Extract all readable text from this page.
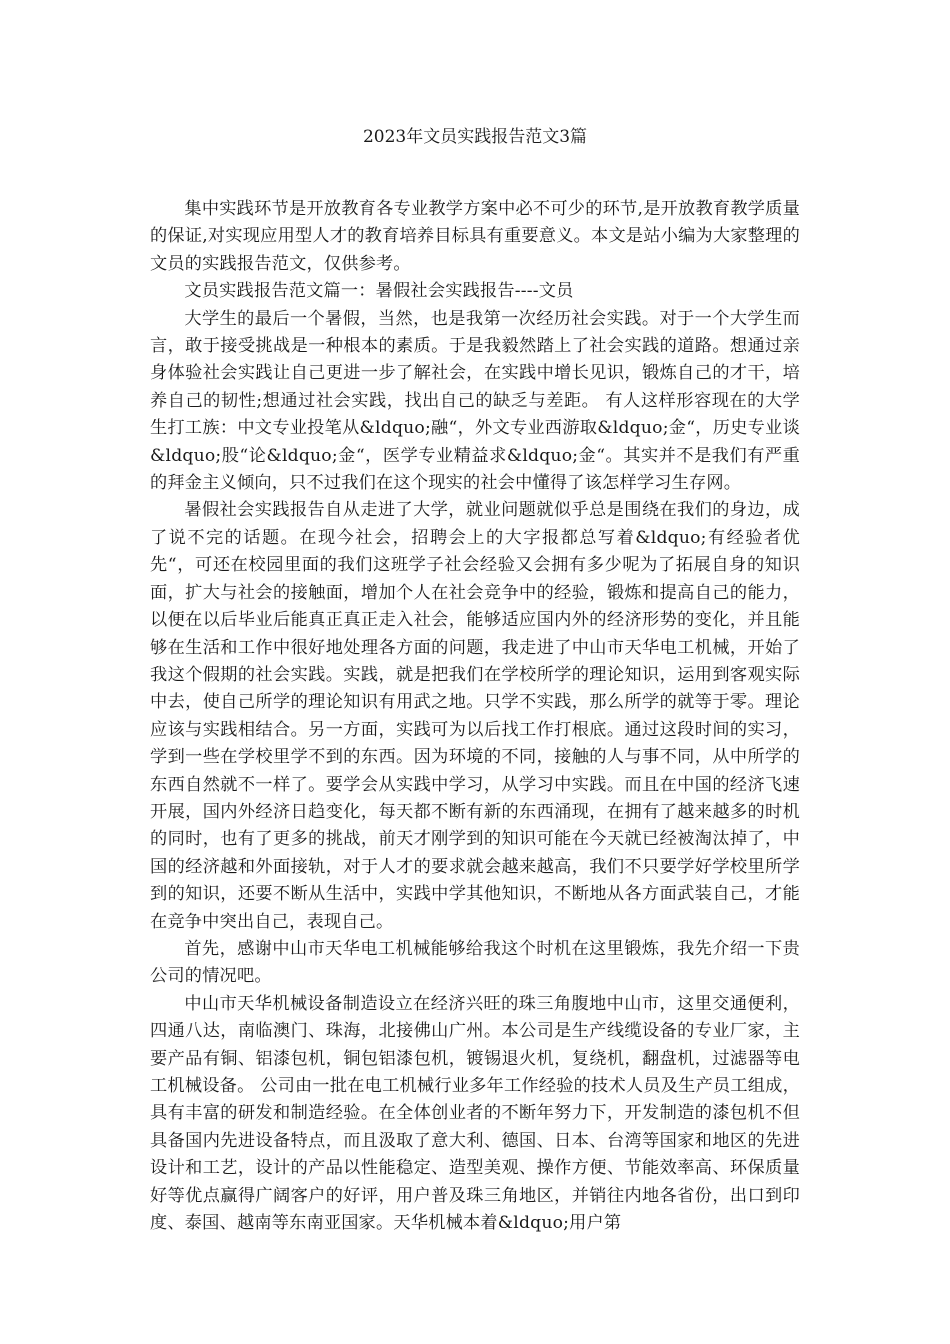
2023年文员实践报告范文3篇

集中实践环节是开放教育各专业教学方案中必不可少的环节,是开放教育教学质量的保证,对实现应用型人才的教育培养目标具有重要意义。本文是站小编为大家整理的文员的实践报告范文，仅供参考。

文员实践报告范文篇一：暑假社会实践报告----文员

大学生的最后一个暑假，当然，也是我第一次经历社会实践。对于一个大学生而言，敢于接受挑战是一种根本的素质。于是我毅然踏上了社会实践的道路。想通过亲身体验社会实践让自己更进一步了解社会，在实践中增长见识，锻炼自己的才干，培养自己的韧性;想通过社会实践，找出自己的缺乏与差距。 有人这样形容现在的大学生打工族：中文专业投笔从&ldquo;融“，外文专业西游取&ldquo;金“，历史专业谈&ldquo;股“论&ldquo;金“，医学专业精益求&ldquo;金“。其实并不是我们有严重的拜金主义倾向，只不过我们在这个现实的社会中懂得了该怎样学习生存网。

暑假社会实践报告自从走进了大学，就业问题就似乎总是围绕在我们的身边，成了说不完的话题。在现今社会，招聘会上的大字报都总写着&ldquo;有经验者优先“，可还在校园里面的我们这班学子社会经验又会拥有多少呢为了拓展自身的知识面，扩大与社会的接触面，增加个人在社会竞争中的经验，锻炼和提高自己的能力，以便在以后毕业后能真正真正走入社会，能够适应国内外的经济形势的变化，并且能够在生活和工作中很好地处理各方面的问题，我走进了中山市天华电工机械，开始了我这个假期的社会实践。实践，就是把我们在学校所学的理论知识，运用到客观实际中去，使自己所学的理论知识有用武之地。只学不实践，那么所学的就等于零。理论应该与实践相结合。另一方面，实践可为以后找工作打根底。通过这段时间的实习，学到一些在学校里学不到的东西。因为环境的不同，接触的人与事不同，从中所学的东西自然就不一样了。要学会从实践中学习，从学习中实践。而且在中国的经济飞速开展，国内外经济日趋变化，每天都不断有新的东西涌现，在拥有了越来越多的时机的同时，也有了更多的挑战，前天才刚学到的知识可能在今天就已经被淘汰掉了，中国的经济越和外面接轨，对于人才的要求就会越来越高，我们不只要学好学校里所学到的知识，还要不断从生活中，实践中学其他知识，不断地从各方面武装自己，才能在竞争中突出自己，表现自己。

首先，感谢中山市天华电工机械能够给我这个时机在这里锻炼，我先介绍一下贵公司的情况吧。

中山市天华机械设备制造设立在经济兴旺的珠三角腹地中山市，这里交通便利，四通八达，南临澳门、珠海，北接佛山广州。本公司是生产线缆设备的专业厂家，主要产品有铜、铝漆包机，铜包铝漆包机，镀锡退火机，复绕机，翻盘机，过滤器等电工机械设备。 公司由一批在电工机械行业多年工作经验的技术人员及生产员工组成，具有丰富的研发和制造经验。在全体创业者的不断年努力下，开发制造的漆包机不但具备国内先进设备特点，而且汲取了意大利、德国、日本、台湾等国家和地区的先进设计和工艺，设计的产品以性能稳定、造型美观、操作方便、节能效率高、环保质量好等优点赢得广阔客户的好评，用户普及珠三角地区，并销往内地各省份，出口到印度、泰国、越南等东南亚国家。天华机械本着&ldquo;用户第
